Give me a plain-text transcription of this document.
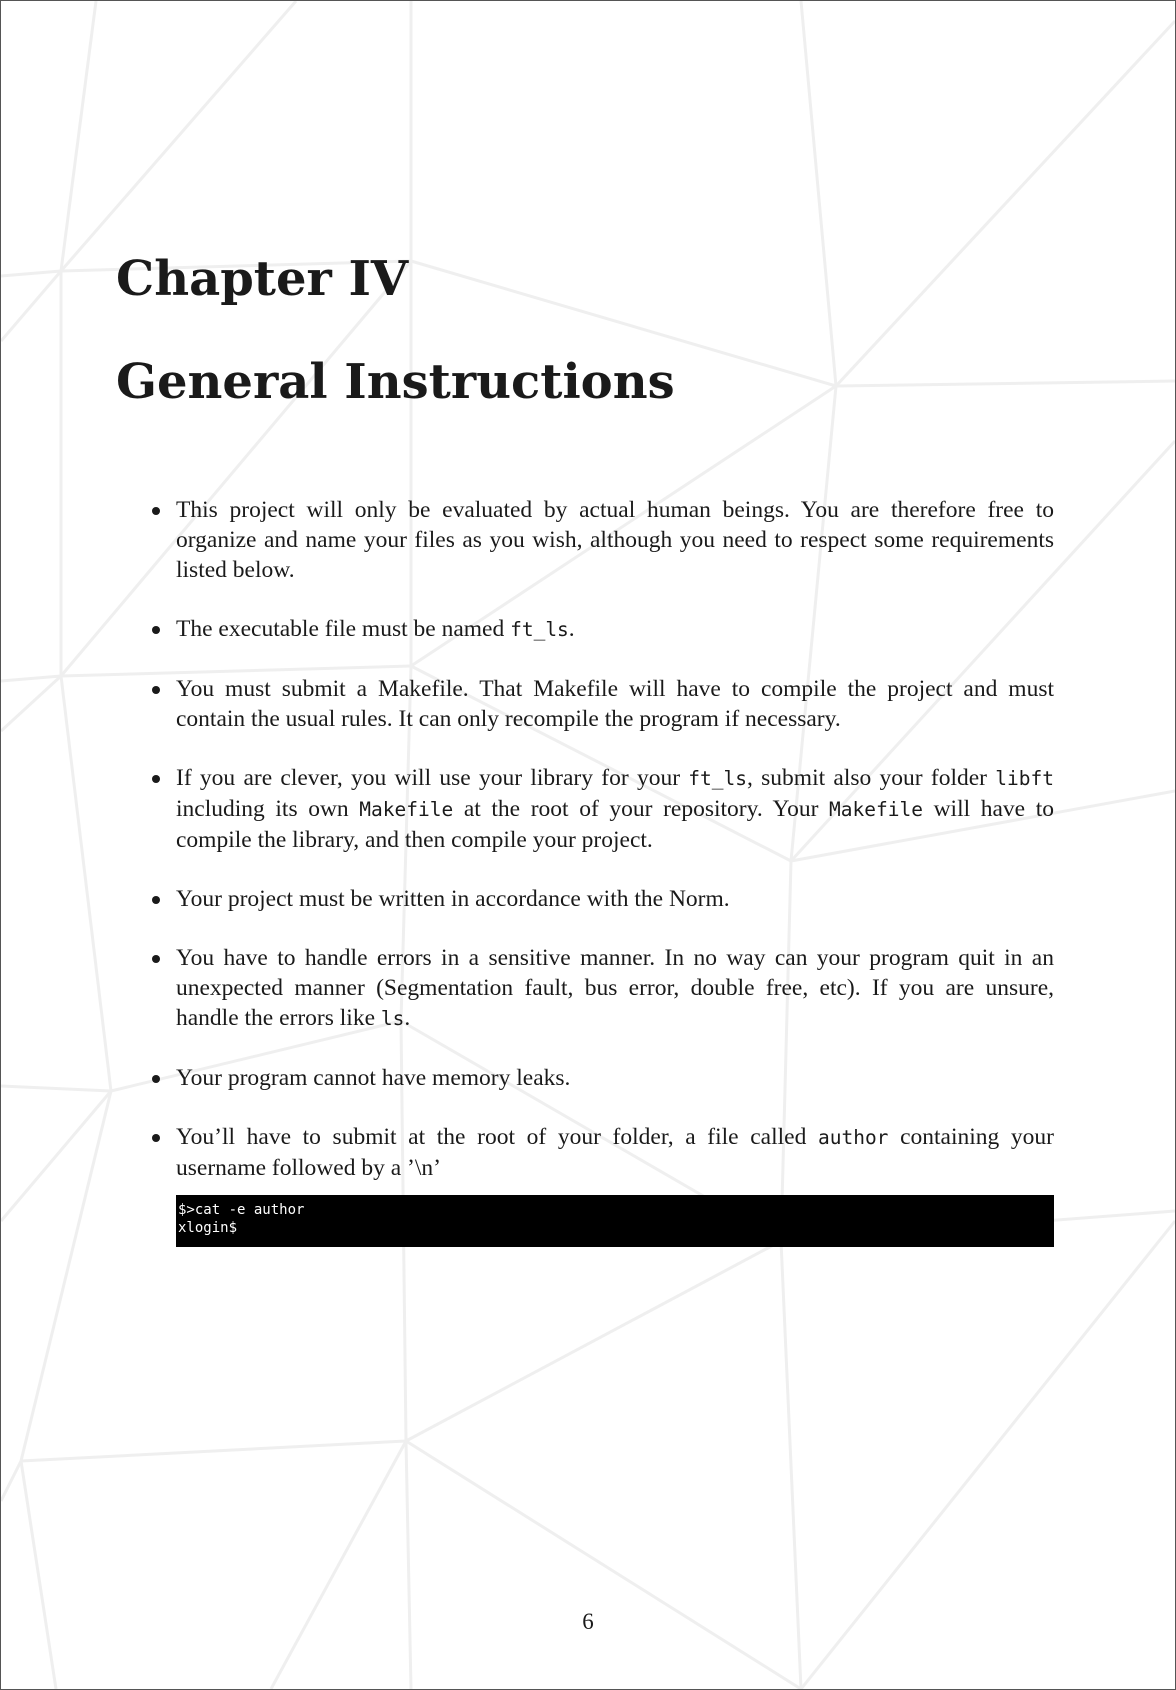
Chapter IV
General Instructions
This project will only be evaluated by actual human beings. You are therefore free to organize and name your files as you wish, although you need to respect some requirements listed below.
The executable file must be named ft_ls.
You must submit a Makefile. That Makefile will have to compile the project and must contain the usual rules. It can only recompile the program if necessary.
If you are clever, you will use your library for your ft_ls, submit also your folder libft including its own Makefile at the root of your repository. Your Makefile will have to compile the library, and then compile your project.
Your project must be written in accordance with the Norm.
You have to handle errors in a sensitive manner. In no way can your program quit in an unexpected manner (Segmentation fault, bus error, double free, etc). If you are unsure, handle the errors like ls.
Your program cannot have memory leaks.
You’ll have to submit at the root of your folder, a file called author containing your username followed by a ’\n’
$>cat -e author
xlogin$
6
